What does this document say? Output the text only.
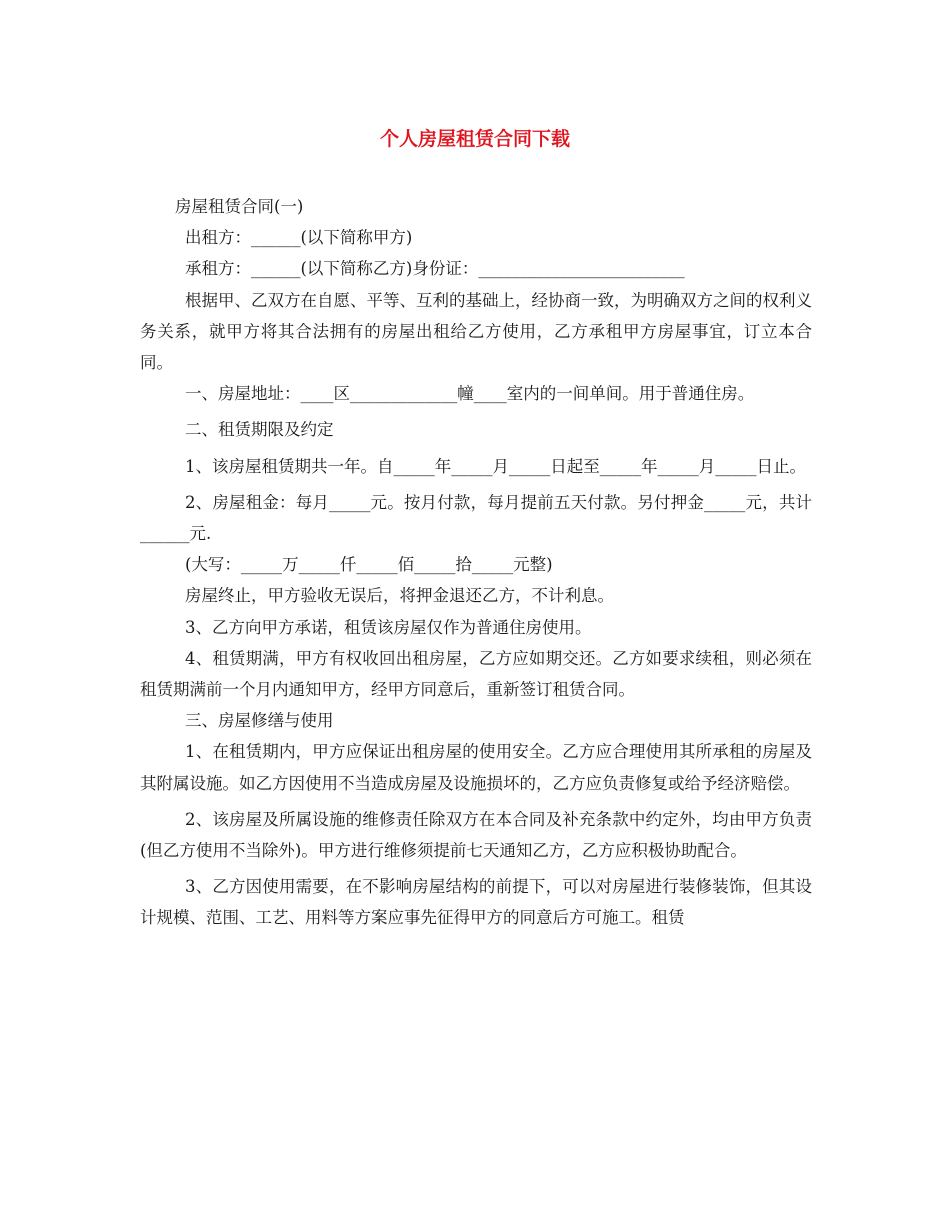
个人房屋租赁合同下载

房屋租赁合同(一)

出租方：______(以下简称甲方)

承租方：______(以下简称乙方)身份证：_________________________

根据甲、乙双方在自愿、平等、互利的基础上，经协商一致，为明确双方之间的权利义务关系，就甲方将其合法拥有的房屋出租给乙方使用，乙方承租甲方房屋事宜，订立本合同。

一、房屋地址：____区_____________幢____室内的一间单间。用于普通住房。

二、租赁期限及约定

1、该房屋租赁期共一年。自_____年_____月_____日起至_____年_____月_____日止。

2、房屋租金：每月_____元。按月付款，每月提前五天付款。另付押金_____元，共计______元.

(大写：_____万_____仟_____佰_____拾_____元整)

房屋终止，甲方验收无误后，将押金退还乙方，不计利息。

3、乙方向甲方承诺，租赁该房屋仅作为普通住房使用。

4、租赁期满，甲方有权收回出租房屋，乙方应如期交还。乙方如要求续租，则必须在租赁期满前一个月内通知甲方，经甲方同意后，重新签订租赁合同。

三、房屋修缮与使用

1、在租赁期内，甲方应保证出租房屋的使用安全。乙方应合理使用其所承租的房屋及其附属设施。如乙方因使用不当造成房屋及设施损坏的，乙方应负责修复或给予经济赔偿。

2、该房屋及所属设施的维修责任除双方在本合同及补充条款中约定外，均由甲方负责(但乙方使用不当除外)。甲方进行维修须提前七天通知乙方，乙方应积极协助配合。

3、乙方因使用需要，在不影响房屋结构的前提下，可以对房屋进行装修装饰，但其设计规模、范围、工艺、用料等方案应事先征得甲方的同意后方可施工。租赁
